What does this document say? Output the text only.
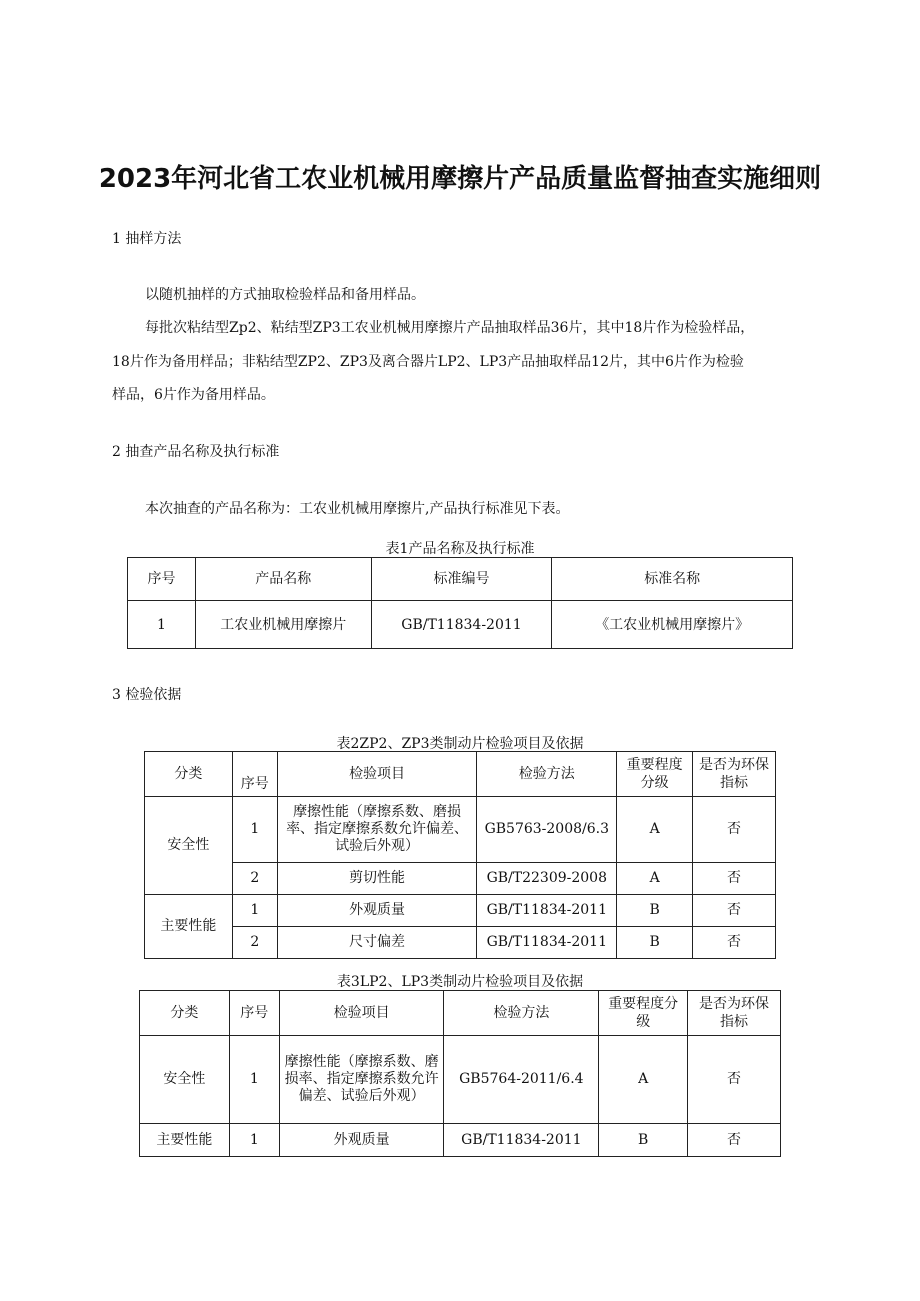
2023年河北省工农业机械用摩擦片产品质量监督抽查实施细则

1 抽样方法

以随机抽样的方式抽取检验样品和备用样品。

每批次粘结型Zp2、粘结型ZP3工农业机械用摩擦片产品抽取样品36片，其中18片作为检验样品，

18片作为备用样品；非粘结型ZP2、ZP3及离合器片LP2、LP3产品抽取样品12片，其中6片作为检验

样品，6片作为备用样品。

2 抽查产品名称及执行标准

本次抽查的产品名称为：工农业机械用摩擦片,产品执行标准见下表。

表1产品名称及执行标准
序号	产品名称	标准编号	标准名称
1	工农业机械用摩擦片	GB/T11834-2011	《工农业机械用摩擦片》

3 检验依据

表2ZP2、ZP3类制动片检验项目及依据
分类	序号	检验项目	检验方法	重要程度分级	是否为环保指标
安全性	1	摩擦性能（摩擦系数、磨损率、指定摩擦系数允许偏差、试验后外观）	GB5763-2008/6.3	A	否
	2	剪切性能	GB/T22309-2008	A	否
主要性能	1	外观质量	GB/T11834-2011	B	否
	2	尺寸偏差	GB/T11834-2011	B	否
表3LP2、LP3类制动片检验项目及依据
分类	序号	检验项目	检验方法	重要程度分级	是否为环保指标
安全性	1	摩擦性能（摩擦系数、磨损率、指定摩擦系数允许偏差、试验后外观）	GB5764-2011/6.4	A	否
主要性能	1	外观质量	GB/T11834-2011	B	否
